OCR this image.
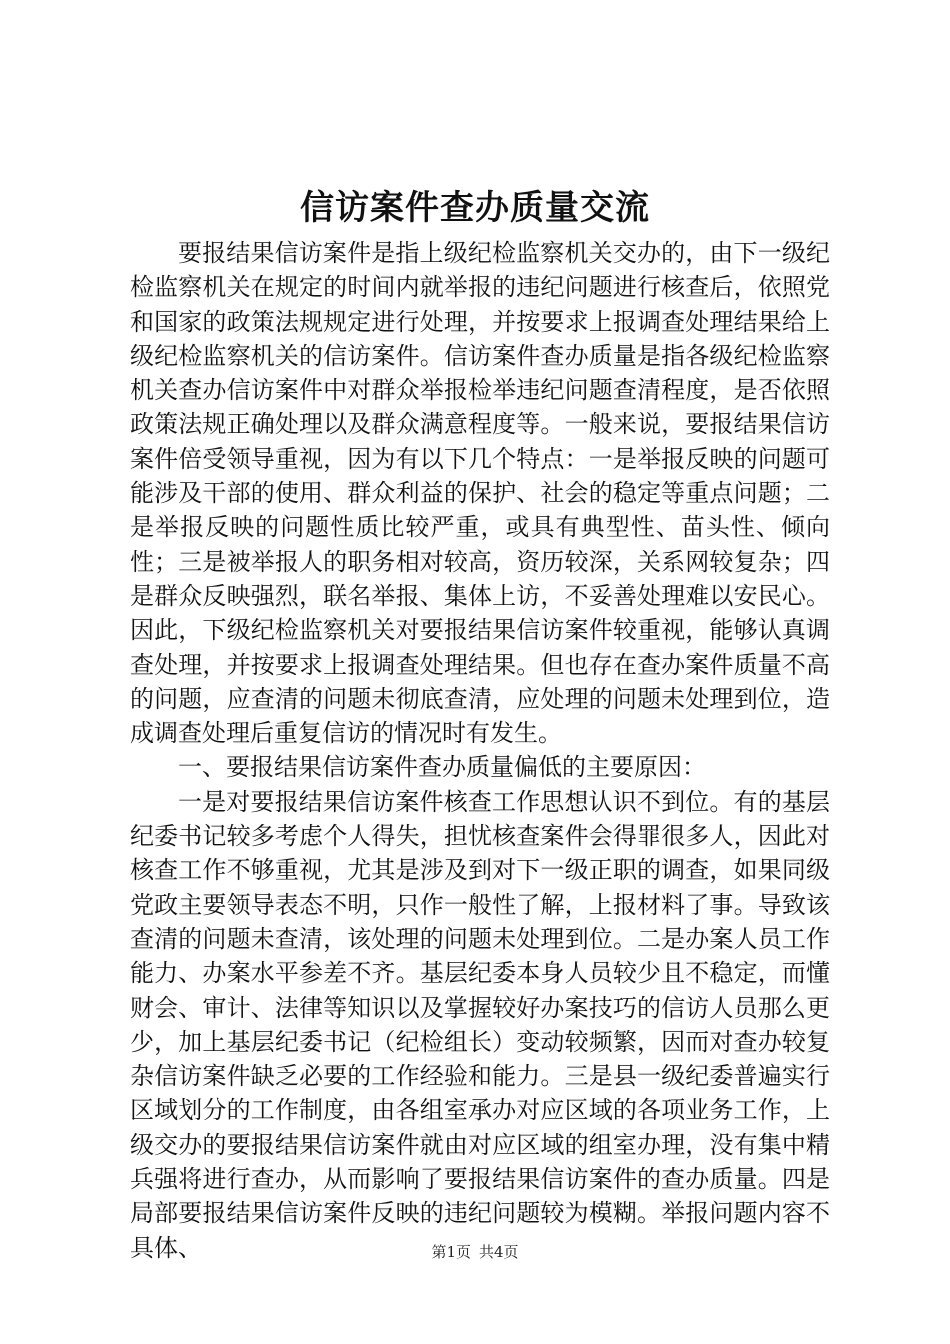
信访案件查办质量交流

要报结果信访案件是指上级纪检监察机关交办的，由下一级纪检监察机关在规定的时间内就举报的违纪问题进行核查后，依照党和国家的政策法规规定进行处理，并按要求上报调查处理结果给上级纪检监察机关的信访案件。信访案件查办质量是指各级纪检监察机关查办信访案件中对群众举报检举违纪问题查清程度，是否依照政策法规正确处理以及群众满意程度等。一般来说，要报结果信访案件倍受领导重视，因为有以下几个特点：一是举报反映的问题可能涉及干部的使用、群众利益的保护、社会的稳定等重点问题；二是举报反映的问题性质比较严重，或具有典型性、苗头性、倾向性；三是被举报人的职务相对较高，资历较深，关系网较复杂；四是群众反映强烈，联名举报、集体上访，不妥善处理难以安民心。因此，下级纪检监察机关对要报结果信访案件较重视，能够认真调查处理，并按要求上报调查处理结果。但也存在查办案件质量不高的问题，应查清的问题未彻底查清，应处理的问题未处理到位，造成调查处理后重复信访的情况时有发生。

一、要报结果信访案件查办质量偏低的主要原因：

一是对要报结果信访案件核查工作思想认识不到位。有的基层纪委书记较多考虑个人得失，担忧核查案件会得罪很多人，因此对核查工作不够重视，尤其是涉及到对下一级正职的调查，如果同级党政主要领导表态不明，只作一般性了解，上报材料了事。导致该查清的问题未查清，该处理的问题未处理到位。二是办案人员工作能力、办案水平参差不齐。基层纪委本身人员较少且不稳定，而懂财会、审计、法律等知识以及掌握较好办案技巧的信访人员那么更少，加上基层纪委书记（纪检组长）变动较频繁，因而对查办较复杂信访案件缺乏必要的工作经验和能力。三是县一级纪委普遍实行区域划分的工作制度，由各组室承办对应区域的各项业务工作，上级交办的要报结果信访案件就由对应区域的组室办理，没有集中精兵强将进行查办，从而影响了要报结果信访案件的查办质量。四是局部要报结果信访案件反映的违纪问题较为模糊。举报问题内容不具体、	第1页 共4页
